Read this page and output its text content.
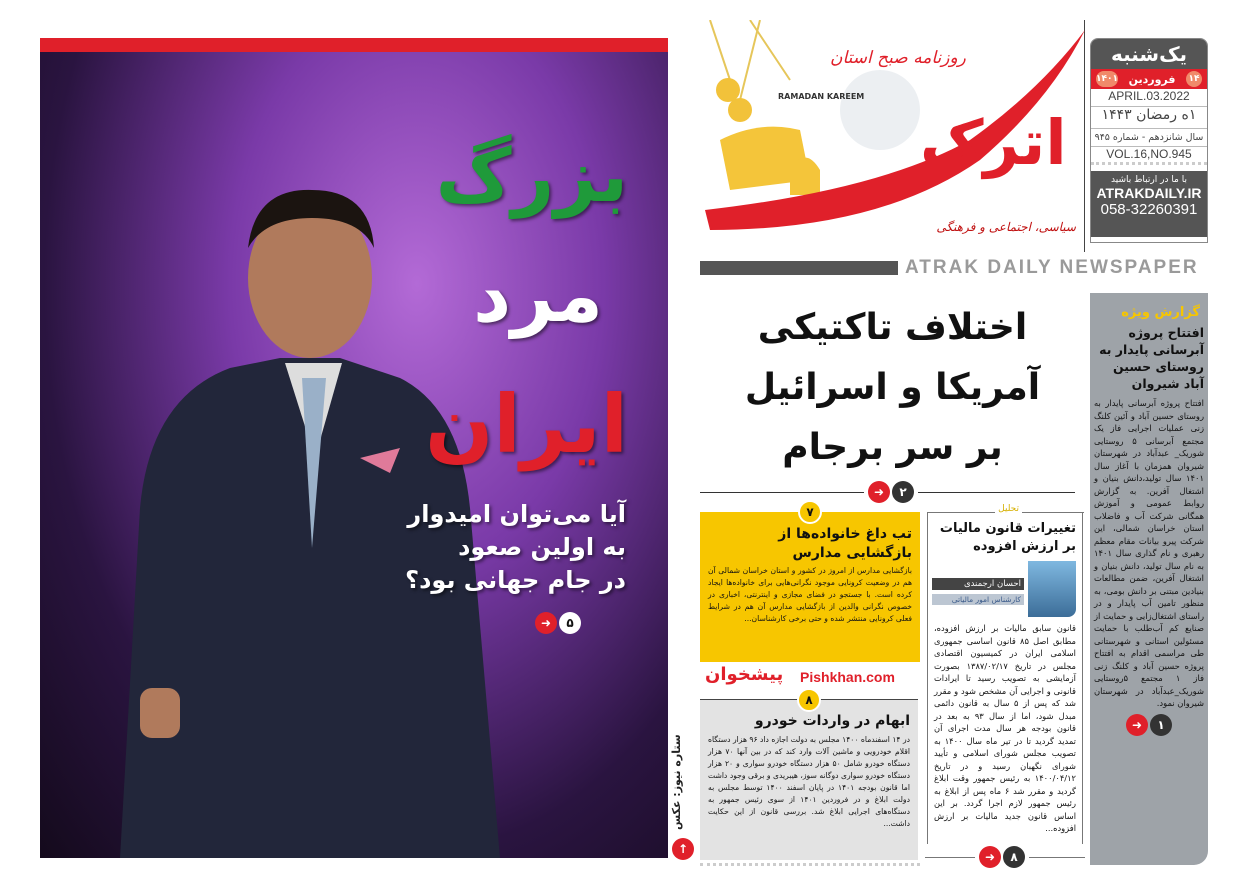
بزرگ
مرد
ایران
آیا می‌توان امیدوار
به اولین صعود
در جام جهانی بود؟
➜	۵
ستاره نیوز: عکس
↑
RAMADAN KAREEM
روزنامه صبح استان
اترک
سیاسی، اجتماعی و فرهنگی
ATRAK DAILY NEWSPAPER
یک‌شنبه
۱۴
فروردین
۱۴۰۱
APRIL.03.2022
۱ه رمضان ۱۴۴۳
سال شانزدهم - شماره ۹۴۵
VOL.16,NO.945
با ما در ارتباط باشید
ATRAKDAILY.IR
058-32260391
اختلاف تاکتیکی
آمریکا و اسرائیل
بر سر برجام
➜	۲
گزارش ویژه
افتتاح پروژه آبرسانی پایدار به روستای حسین آباد شیروان
افتتاح پروژه آبرسانی پایدار به روستای حسین آباد و آئین کلنگ زنی عملیات اجرایی فاز یک مجتمع آبرسانی ۵ روستایی شوریک_ عبدآباد در شهرستان شیروان همزمان با آغاز سال ۱۴۰۱ سال تولید،دانش بنیان و اشتغال آفرین. به گزارش روابط عمومی و آموزش همگانی شرکت آب و فاضلاب استان خراسان شمالی، این شرکت پیرو بیانات مقام معظم رهبری و نام گذاری سال ۱۴۰۱ به نام سال تولید، دانش بنیان و اشتغال آفرین، ضمن مطالعات بنیادین مبتنی بر دانش بومی، به منظور تامین آب پایدار و در راستای اشتغال‌زایی و حمایت از صنایع کم آب‌طلب با حمایت مسئولین استانی و شهرستانی طی مراسمی اقدام به افتتاح پروژه حسین آباد و کلنگ زنی فاز ۱ مجتمع ۵روستایی شوریک_عبدآباد در شهرستان شیروان نمود.
➜	۱
تحلیل
تغییرات قانون مالیات بر ارزش افزوده
احسان ارجمندی
کارشناس امور مالیاتی
قانون سابق مالیات بر ارزش افزوده، مطابق اصل ۸۵ قانون اساسی جمهوری اسلامی ایران در کمیسیون اقتصادی مجلس در تاریخ ۱۳۸۷/۰۲/۱۷ بصورت آزمایشی به تصویب رسید تا ایرادات قانونی و اجرایی آن مشخص شود و مقرر شد که پس از ۵ سال به قانون دائمی مبدل شود، اما از سال ۹۳ به بعد در قانون بودجه هر سال مدت اجرای آن تمدید گردید تا در تیر ماه سال ۱۴۰۰ به تصویب مجلس شورای اسلامی و تأیید شورای نگهبان رسید و در تاریخ ۱۴۰۰/۰۴/۱۲ به رئیس جمهور وقت ابلاغ گردید و مقرر شد ۶ ماه پس از ابلاغ به رئیس جمهور لازم اجرا گردد. بر این اساس قانون جدید مالیات بر ارزش افزوده...
➜	۸
۷
تب داغ خانواده‌ها از بازگشایی مدارس
بازگشایی مدارس از امروز در کشور و استان خراسان شمالی آن هم در وضعیت کرونایی موجود نگرانی‌هایی برای خانواده‌ها ایجاد کرده است. با جستجو در فضای مجازی و اینترنتی، اخباری در خصوص نگرانی والدین از بازگشایی مدارس آن هم در شرایط فعلی کرونایی منتشر شده و حتی برخی کارشناسان...
پیشخوان Pishkhan.com
۸
ابهام در واردات خودرو
در ۱۴ اسفندماه ۱۴۰۰ مجلس به دولت اجازه داد ۹۶ هزار دستگاه اقلام خودرویی و ماشین آلات وارد کند که در بین آنها ۷۰ هزار دستگاه خودرو شامل ۵۰ هزار دستگاه خودرو سواری و ۲۰ هزار دستگاه خودرو سواری دوگانه سوز، هیبریدی و برقی وجود داشت اما قانون بودجه ۱۴۰۱ در پایان اسفند ۱۴۰۰ توسط مجلس به دولت ابلاغ و در فروردین ۱۴۰۱ از سوی رئیس جمهور به دستگاه‌های اجرایی ابلاغ شد. بررسی قانون از این حکایت داشت...
